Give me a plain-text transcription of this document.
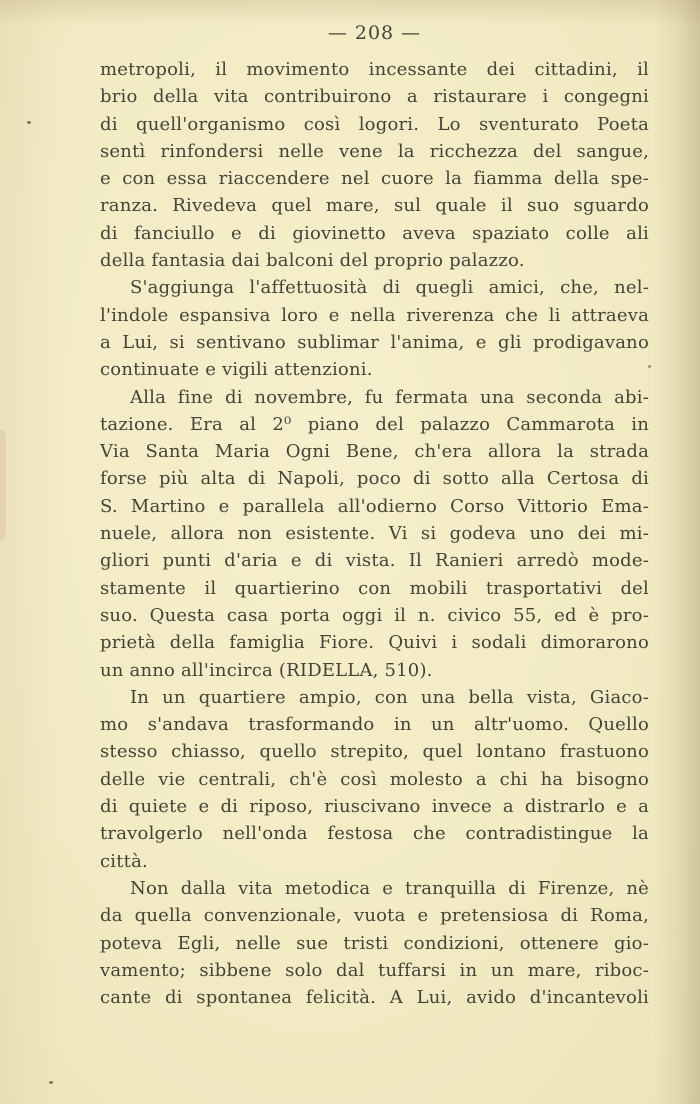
— 208 —
metropoli, il movimento incessante dei cittadini, il
brio della vita contribuirono a ristaurare i congegni
di quell'organismo così logori. Lo sventurato Poeta
sentì rinfondersi nelle vene la ricchezza del sangue,
e con essa riaccendere nel cuore la fiamma della spe-
ranza. Rivedeva quel mare, sul quale il suo sguardo
di fanciullo e di giovinetto aveva spaziato colle ali
della fantasia dai balconi del proprio palazzo.
S'aggiunga l'affettuosità di quegli amici, che, nel-
l'indole espansiva loro e nella riverenza che li attraeva
a Lui, si sentivano sublimar l'anima, e gli prodigavano
continuate e vigili attenzioni.
Alla fine di novembre, fu fermata una seconda abi-
tazione. Era al 2⁰ piano del palazzo Cammarota in
Via Santa Maria Ogni Bene, ch'era allora la strada
forse più alta di Napoli, poco di sotto alla Certosa di
S. Martino e parallela all'odierno Corso Vittorio Ema-
nuele, allora non esistente. Vi si godeva uno dei mi-
gliori punti d'aria e di vista. Il Ranieri arredò mode-
stamente il quartierino con mobili trasportativi del
suo. Questa casa porta oggi il n. civico 55, ed è pro-
prietà della famiglia Fiore. Quivi i sodali dimorarono
un anno all'incirca (RIDELLA, 510).
In un quartiere ampio, con una bella vista, Giaco-
mo s'andava trasformando in un altr'uomo. Quello
stesso chiasso, quello strepito, quel lontano frastuono
delle vie centrali, ch'è così molesto a chi ha bisogno
di quiete e di riposo, riuscivano invece a distrarlo e a
travolgerlo nell'onda festosa che contradistingue la
città.
Non dalla vita metodica e tranquilla di Firenze, nè
da quella convenzionale, vuota e pretensiosa di Roma,
poteva Egli, nelle sue tristi condizioni, ottenere gio-
vamento; sibbene solo dal tuffarsi in un mare, riboc-
cante di spontanea felicità. A Lui, avido d'incantevoli
